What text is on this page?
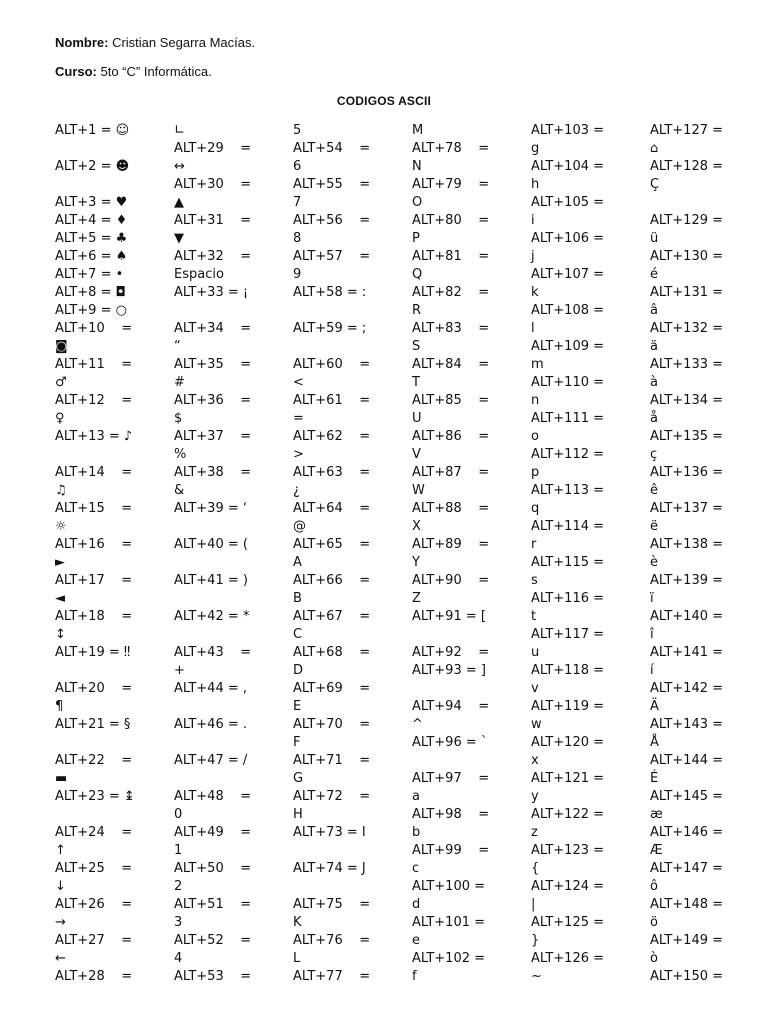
Nombre: Cristian Segarra Macías.
Curso: 5to “C” Informática.
CODIGOS ASCII
ALT+1 = ☺
ALT+2 = ☻
ALT+3 = ♥
ALT+4 = ♦
ALT+5 = ♣
ALT+6 = ♠
ALT+7 = •
ALT+8 = ◘
ALT+9 = ○
ALT+10    =
◙
ALT+11    =
♂
ALT+12    =
♀
ALT+13 = ♪
ALT+14    =
♫
ALT+15    =
☼
ALT+16    =
►
ALT+17    =
◄
ALT+18    =
↕
ALT+19 = ‼
ALT+20    =
¶
ALT+21 = §
ALT+22    =
▬
ALT+23 = ↨
ALT+24    =
↑
ALT+25    =
↓
ALT+26    =
→
ALT+27    =
←
ALT+28    =
∟
ALT+29    =
↔
ALT+30    =
▲
ALT+31    =
▼
ALT+32    =
Espacio
ALT+33 = ¡
ALT+34    =
“
ALT+35    =
#
ALT+36    =
$
ALT+37    =
%
ALT+38    =
&
ALT+39 = ‘
ALT+40 = (
ALT+41 = )
ALT+42 = *
ALT+43    =
+
ALT+44 = ,
ALT+46 = .
ALT+47 = /
ALT+48    =
0
ALT+49    =
1
ALT+50    =
2
ALT+51    =
3
ALT+52    =
4
ALT+53    =
5
ALT+54    =
6
ALT+55    =
7
ALT+56    =
8
ALT+57    =
9
ALT+58 = :
ALT+59 = ;
ALT+60    =
<
ALT+61    =
=
ALT+62    =
>
ALT+63    =
¿
ALT+64    =
@
ALT+65    =
A
ALT+66    =
B
ALT+67    =
C
ALT+68    =
D
ALT+69    =
E
ALT+70    =
F
ALT+71    =
G
ALT+72    =
H
ALT+73 = I
ALT+74 = J
ALT+75    =
K
ALT+76    =
L
ALT+77    =
M
ALT+78    =
N
ALT+79    =
O
ALT+80    =
P
ALT+81    =
Q
ALT+82    =
R
ALT+83    =
S
ALT+84    =
T
ALT+85    =
U
ALT+86    =
V
ALT+87    =
W
ALT+88    =
X
ALT+89    =
Y
ALT+90    =
Z
ALT+91 = [
ALT+92    =
ALT+93 = ]
ALT+94    =
^
ALT+96 = `
ALT+97    =
a
ALT+98    =
b
ALT+99    =
c
ALT+100 =
d
ALT+101 =
e
ALT+102 =
f
ALT+103 =
g
ALT+104 =
h
ALT+105 =
i
ALT+106 =
j
ALT+107 =
k
ALT+108 =
l
ALT+109 =
m
ALT+110 =
n
ALT+111 =
o
ALT+112 =
p
ALT+113 =
q
ALT+114 =
r
ALT+115 =
s
ALT+116 =
t
ALT+117 =
u
ALT+118 =
v
ALT+119 =
w
ALT+120 =
x
ALT+121 =
y
ALT+122 =
z
ALT+123 =
{
ALT+124 =
|
ALT+125 =
}
ALT+126 =
~
ALT+127 =
⌂
ALT+128 =
Ç
ALT+129 =
ü
ALT+130 =
é
ALT+131 =
â
ALT+132 =
ä
ALT+133 =
à
ALT+134 =
å
ALT+135 =
ç
ALT+136 =
ê
ALT+137 =
ë
ALT+138 =
è
ALT+139 =
ï
ALT+140 =
î
ALT+141 =
í
ALT+142 =
Ä
ALT+143 =
Å
ALT+144 =
É
ALT+145 =
æ
ALT+146 =
Æ
ALT+147 =
ô
ALT+148 =
ö
ALT+149 =
ò
ALT+150 =
